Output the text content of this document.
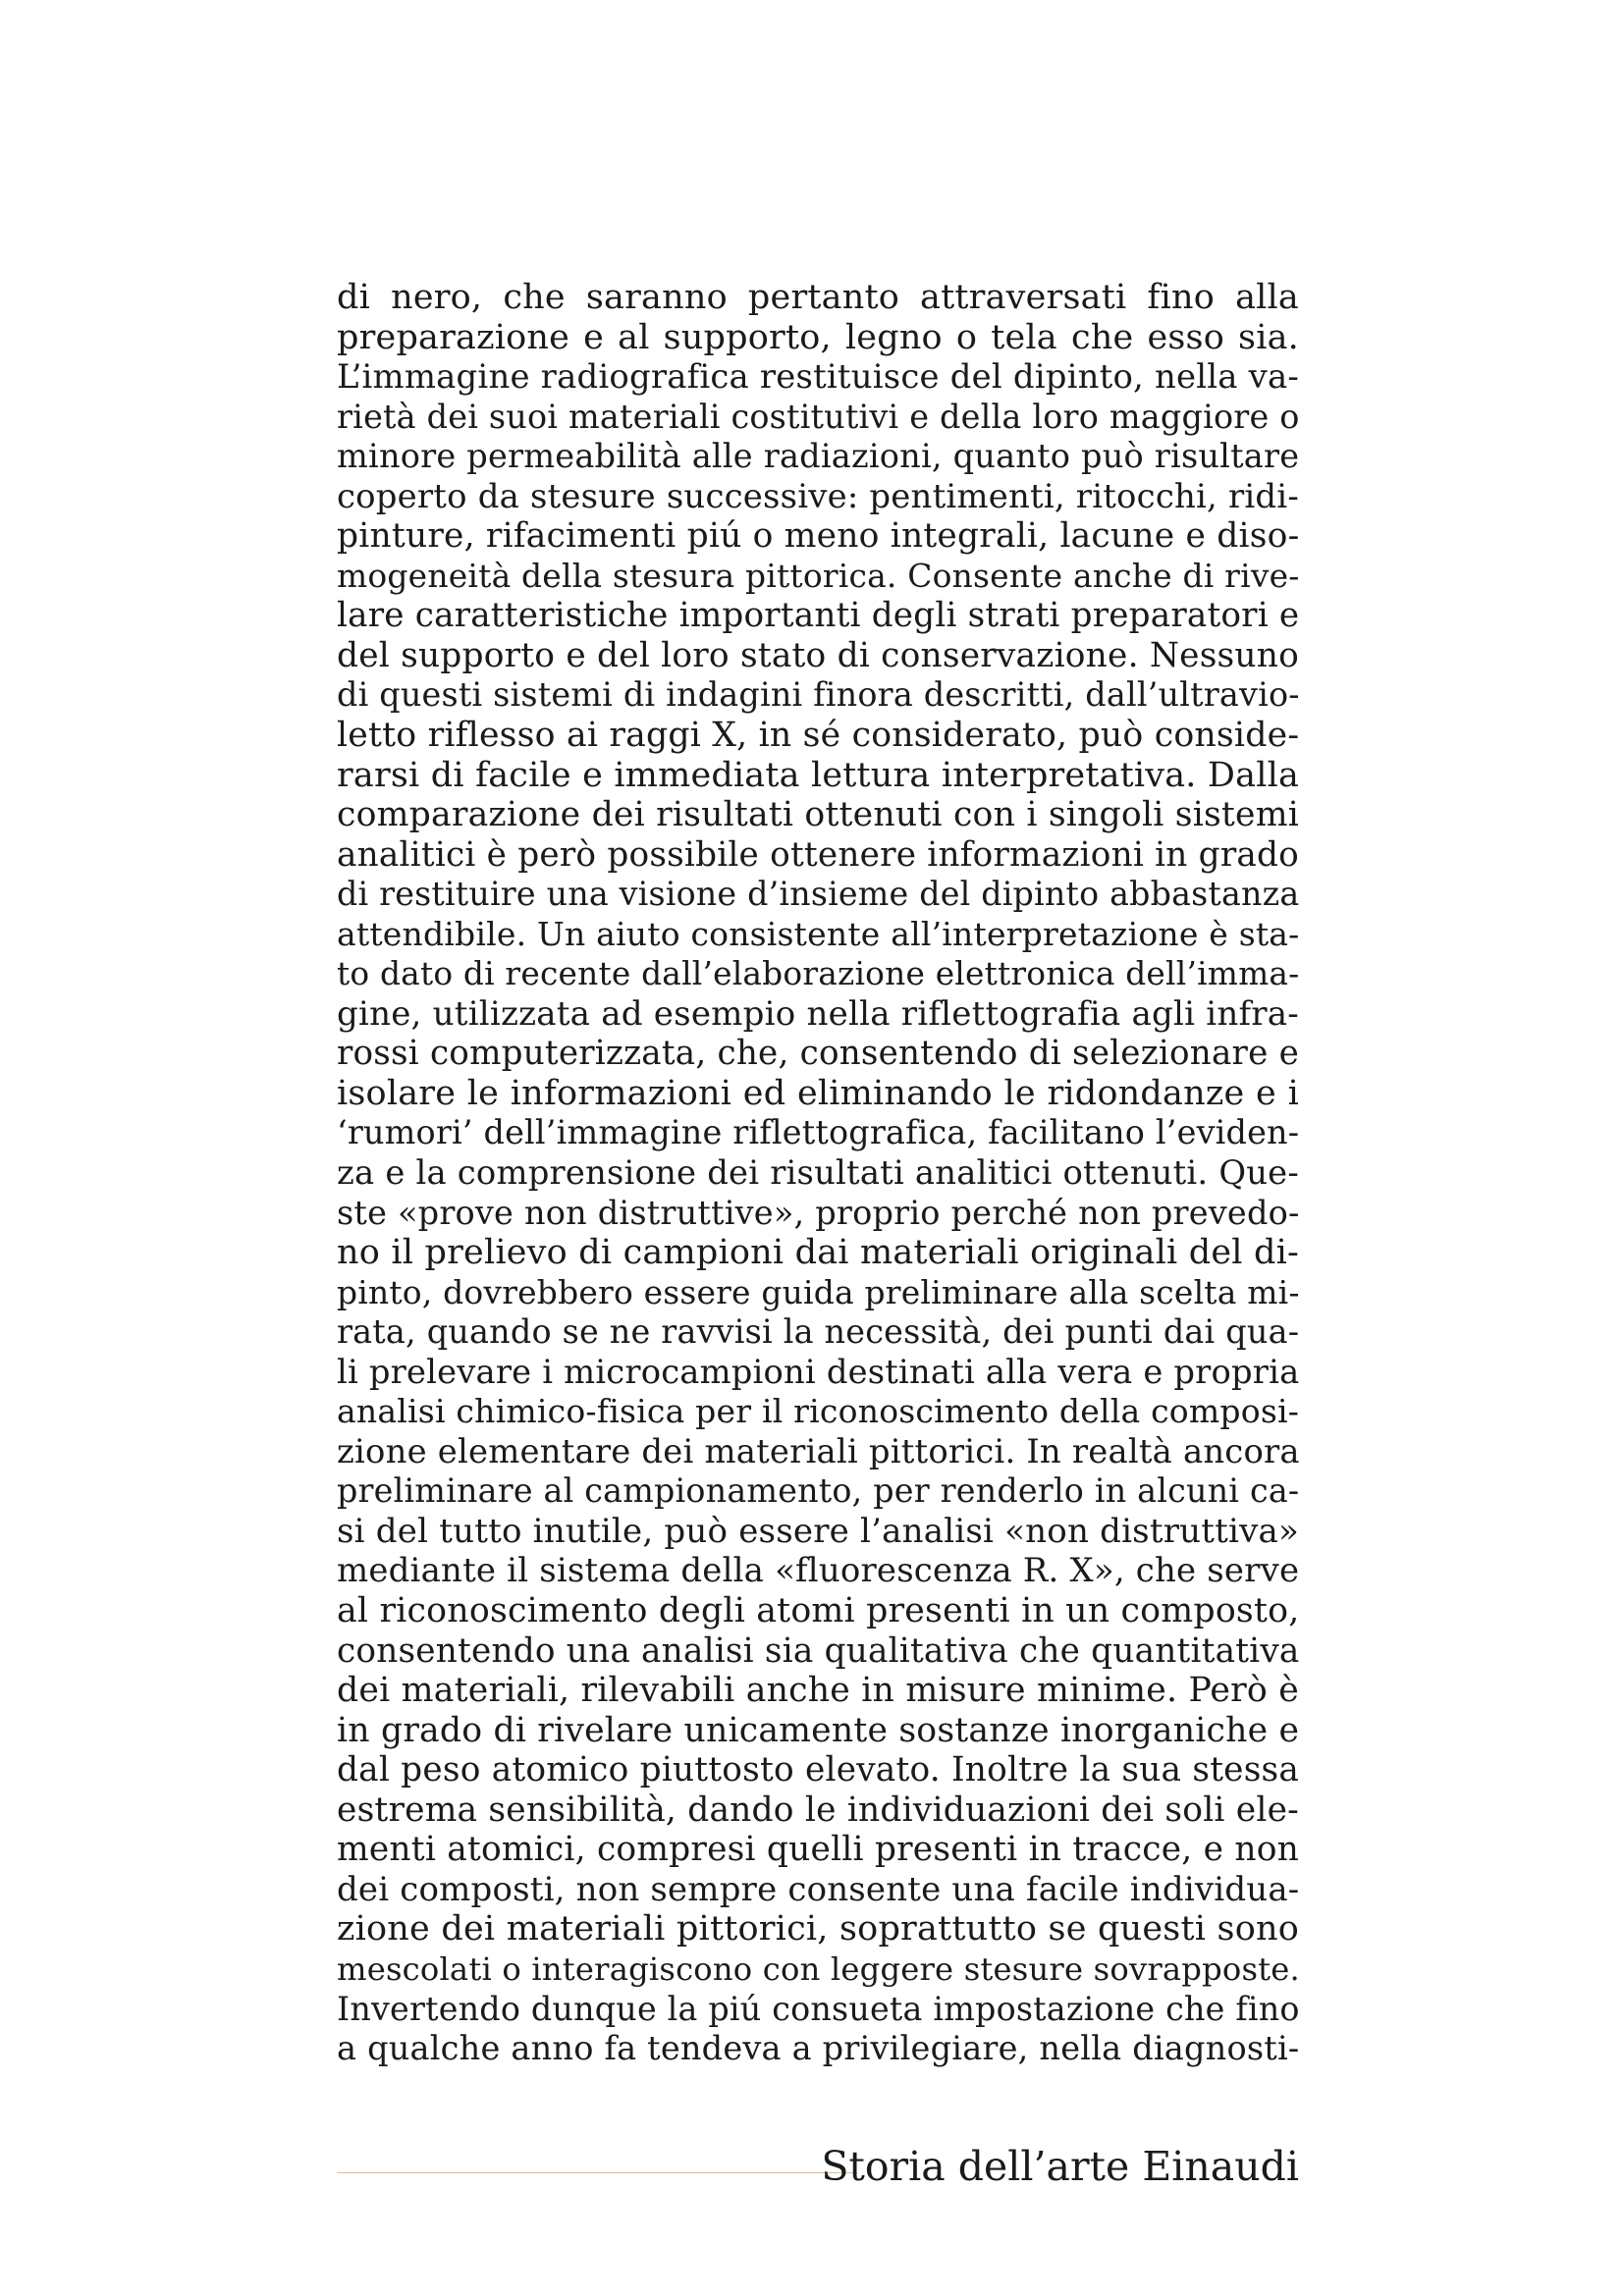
di nero, che saranno pertanto attraversati fino alla
preparazione e al supporto, legno o tela che esso sia.
L’immagine radiografica restituisce del dipinto, nella va-
rietà dei suoi materiali costitutivi e della loro maggiore o
minore permeabilità alle radiazioni, quanto può risultare
coperto da stesure successive: pentimenti, ritocchi, ridi-
pinture, rifacimenti piú o meno integrali, lacune e diso-
mogeneità della stesura pittorica. Consente anche di rive-
lare caratteristiche importanti degli strati preparatori e
del supporto e del loro stato di conservazione. Nessuno
di questi sistemi di indagini finora descritti, dall’ultravio-
letto riflesso ai raggi X, in sé considerato, può conside-
rarsi di facile e immediata lettura interpretativa. Dalla
comparazione dei risultati ottenuti con i singoli sistemi
analitici è però possibile ottenere informazioni in grado
di restituire una visione d’insieme del dipinto abbastanza
attendibile. Un aiuto consistente all’interpretazione è sta-
to dato di recente dall’elaborazione elettronica dell’imma-
gine, utilizzata ad esempio nella riflettografia agli infra-
rossi computerizzata, che, consentendo di selezionare e
isolare le informazioni ed eliminando le ridondanze e i
‘rumori’ dell’immagine riflettografica, facilitano l’eviden-
za e la comprensione dei risultati analitici ottenuti. Que-
ste «prove non distruttive», proprio perché non prevedo-
no il prelievo di campioni dai materiali originali del di-
pinto, dovrebbero essere guida preliminare alla scelta mi-
rata, quando se ne ravvisi la necessità, dei punti dai qua-
li prelevare i microcampioni destinati alla vera e propria
analisi chimico-fisica per il riconoscimento della composi-
zione elementare dei materiali pittorici. In realtà ancora
preliminare al campionamento, per renderlo in alcuni ca-
si del tutto inutile, può essere l’analisi «non distruttiva»
mediante il sistema della «fluorescenza R. X», che serve
al riconoscimento degli atomi presenti in un composto,
consentendo una analisi sia qualitativa che quantitativa
dei materiali, rilevabili anche in misure minime. Però è
in grado di rivelare unicamente sostanze inorganiche e
dal peso atomico piuttosto elevato. Inoltre la sua stessa
estrema sensibilità, dando le individuazioni dei soli ele-
menti atomici, compresi quelli presenti in tracce, e non
dei composti, non sempre consente una facile individua-
zione dei materiali pittorici, soprattutto se questi sono
mescolati o interagiscono con leggere stesure sovrapposte.
Invertendo dunque la piú consueta impostazione che fino
a qualche anno fa tendeva a privilegiare, nella diagnosti-
Storia dell’arte Einaudi
